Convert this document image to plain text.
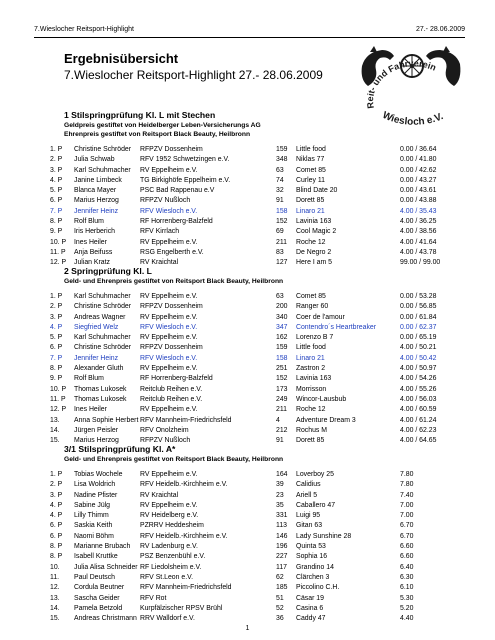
7.Wieslocher Reitsport-Highlight	27.- 28.06.2009
Reit- und Fahrverein
Wiesloch e.V.
Ergebnisübersicht
7.Wieslocher Reitsport-Highlight 27.- 28.06.2009
1 Stilspringprüfung Kl. L mit Stechen
Geldpreis gestiftet von Heidelberger Leben-Versicherungs AG
Ehrenpreis gestiftet von Reitsport Black Beauty, Heilbronn
1. P Christine Schröder RFPZV Dossenheim	159 Little food	0.00 / 36.64
2. P Julia Schwab	RFV 1952 Schwetzingen e.V.	348 Niklas 77	0.00 / 41.80
3. P Karl Schuhmacher RV Eppelheim e.V.	63 Comet 85	0.00 / 42.62
4. P Janine Limbeck	TG Birkighöfe Eppelheim e.V.	74 Curley 11	0.00 / 43.27
5. P Blanca Mayer	PSC Bad Rappenau e.V	32 Blind Date 20	0.00 / 43.61
6. P Marius Herzog	RFPZV Nußloch	91 Dorett 85	0.00 / 43.88
7. P Jennifer Heinz	RFV Wiesloch e.V.	158 Linaro 21	4.00 / 35.43
8. P Rolf Blum	RF Horrenberg-Balzfeld	152 Lavinia 163	4.00 / 36.25
9. P Iris Herberich	RFV Kirrlach	69 Cool Magic 2	4.00 / 38.56
10. P Ines Heiler	RV Eppelheim e.V.	211 Roche 12	4.00 / 41.64
11. P Anja Beifuss	RSG Engelberth e.V.	83 De Negro 2	4.00 / 43.78
12. P Julian Kratz	RV Kraichtal	127 Here I am 5	99.00 / 99.00
2 Springprüfung Kl. L
Geld- und Ehrenpreis gestiftet von Reitsport Black Beauty, Heilbronn
1. P Karl Schuhmacher RV Eppelheim e.V.	63 Comet 85	0.00 / 53.28
2. P Christine Schröder RFPZV Dossenheim	200 Ranger 60	0.00 / 56.85
3. P Andreas Wagner RV Eppelheim e.V.	340 Coer de l'amour	0.00 / 61.84
4. P Siegfried Welz	RFV Wiesloch e.V.	347 Contendro´s Heartbreaker	0.00 / 62.37
5. P Karl Schuhmacher RV Eppelheim e.V.	162 Lorenzo B 7	0.00 / 65.19
6. P Christine Schröder RFPZV Dossenheim	159 Little food	4.00 / 50.21
7. P Jennifer Heinz	RFV Wiesloch e.V.	158 Linaro 21	4.00 / 50.42
8. P Alexander Gluth RV Eppelheim e.V.	251 Zastron 2	4.00 / 50.97
9. P Rolf Blum	RF Horrenberg-Balzfeld	152 Lavinia 163	4.00 / 54.26
10. P Thomas Lukosek Reitclub Reihen e.V.	173 Morrisson	4.00 / 55.26
11. P Thomas Lukosek Reitclub Reihen e.V.	249 Wincor-Lausbub	4.00 / 56.03
12. P Ines Heiler	RV Eppelheim e.V.	211 Roche 12	4.00 / 60.59
13. Anna Sophie Herbert RFV Mannheim-Friedrichsfeld	4 Adventure Dream 3	4.00 / 61.24
14. Jürgen Peisler	RFV Onolzheim	212 Rochus M	4.00 / 62.23
15. Marius Herzog	RFPZV Nußloch	91 Dorett 85	4.00 / 64.65
3/1 Stilspringprüfung Kl. A*
Geld- und Ehrenpreis gestiftet von Reitsport Black Beauty, Heilbronn
1. P Tobias Wochele	RV Eppelheim e.V.	164 Loverboy 25	7.80
2. P Lisa Woldrich	RFV Heidelb.-Kirchheim e.V.	39 Calidius	7.80
3. P Nadine Pfister	RV Kraichtal	23 Ariell 5	7.40
4. P Sabine Jülg	RV Eppelheim e.V.	35 Caballero 47	7.00
4. P Lilly Thimm	RV Heidelberg e.V.	331 Luigi 95	7.00
6. P Saskia Keith	PZRRV Heddesheim	113 Gitan 63	6.70
6. P Naomi Böhm	RFV Heidelb.-Kirchheim e.V.	146 Lady Sunshine 28	6.70
8. P Marianne Brubach RV Ladenburg e.V.	196 Quinta 53	6.60
8. P Isabell Kruttke	PSZ Benzenbühl e.V.	227 Sophia 16	6.60
10. Julia Alisa Schneider RF Liedolsheim e.V.	117 Grandino 14	6.40
11. Paul Deutsch	RFV St.Leon e.V.	62 Clärchen 3	6.30
12. Cordula Beutner RFV Mannheim-Friedrichsfeld	185 Piccolino C.H.	6.10
13. Sascha Geider	RFV Rot	51 Cäsar 19	5.30
14. Pamela Betzold	Kurpfälzischer RPSV Brühl	52 Casina 6	5.20
15. Andreas Christmann RRV Walldorf e.V.	36 Caddy 47	4.40
1
